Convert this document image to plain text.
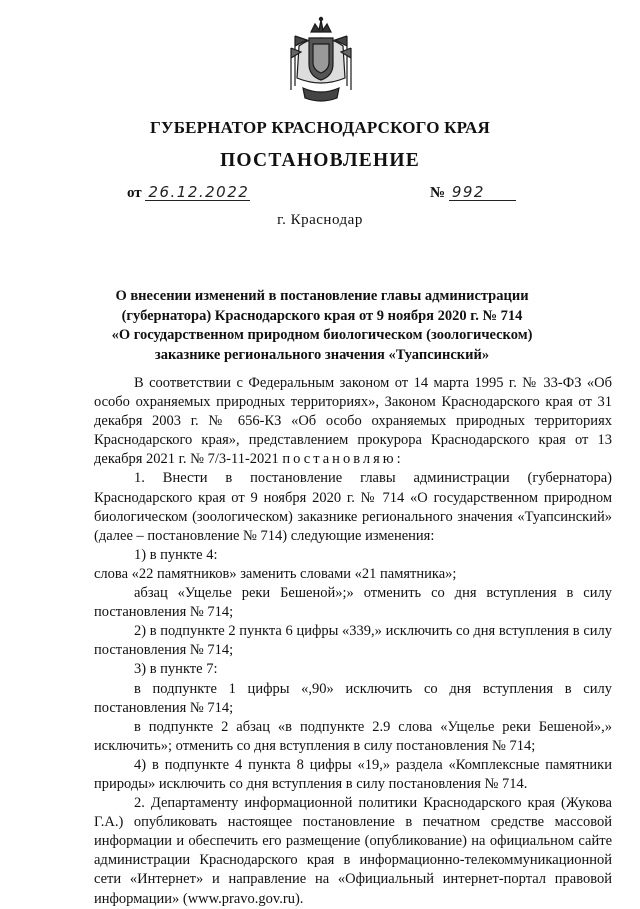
ГУБЕРНАТОР КРАСНОДАРСКОГО КРАЯ
ПОСТАНОВЛЕНИЕ
от 26.12.2022	№ 992
г. Краснодар
О внесении изменений в постановление главы администрации
(губернатора) Краснодарского края от 9 ноября 2020 г. № 714
«О государственном природном биологическом (зоологическом)
заказнике регионального значения «Туапсинский»

В соответствии с Федеральным законом от 14 марта 1995 г. № 33-ФЗ «Об особо охраняемых природных территориях», Законом Краснодарского края от 31 декабря 2003 г. № 656-КЗ «Об особо охраняемых природных территориях Краснодарского края», представлением прокурора Краснодарского края от 13 декабря 2021 г. № 7/3-11-2021 постановляю:

1. Внести в постановление главы администрации (губернатора) Краснодарского края от 9 ноября 2020 г. № 714 «О государственном природном биологическом (зоологическом) заказнике регионального значения «Туапсинский» (далее – постановление № 714) следующие изменения:

1) в пункте 4:

слова «22 памятников» заменить словами «21 памятника»;

абзац «Ущелье реки Бешеной»;» отменить со дня вступления в силу постановления № 714;

2) в подпункте 2 пункта 6 цифры «339,» исключить со дня вступления в силу постановления № 714;

3) в пункте 7:

в подпункте 1 цифры «,90» исключить со дня вступления в силу постановления № 714;

в подпункте 2 абзац «в подпункте 2.9 слова «Ущелье реки Бешеной»,» исключить»; отменить со дня вступления в силу постановления № 714;

4) в подпункте 4 пункта 8 цифры «19,» раздела «Комплексные памятники природы» исключить со дня вступления в силу постановления № 714.

2. Департаменту информационной политики Краснодарского края (Жукова Г.А.) опубликовать настоящее постановление в печатном средстве массовой информации и обеспечить его размещение (опубликование) на официальном сайте администрации Краснодарского края в информационно-телекоммуникационной сети «Интернет» и направление на «Официальный интернет-портал правовой информации» (www.pravo.gov.ru).
